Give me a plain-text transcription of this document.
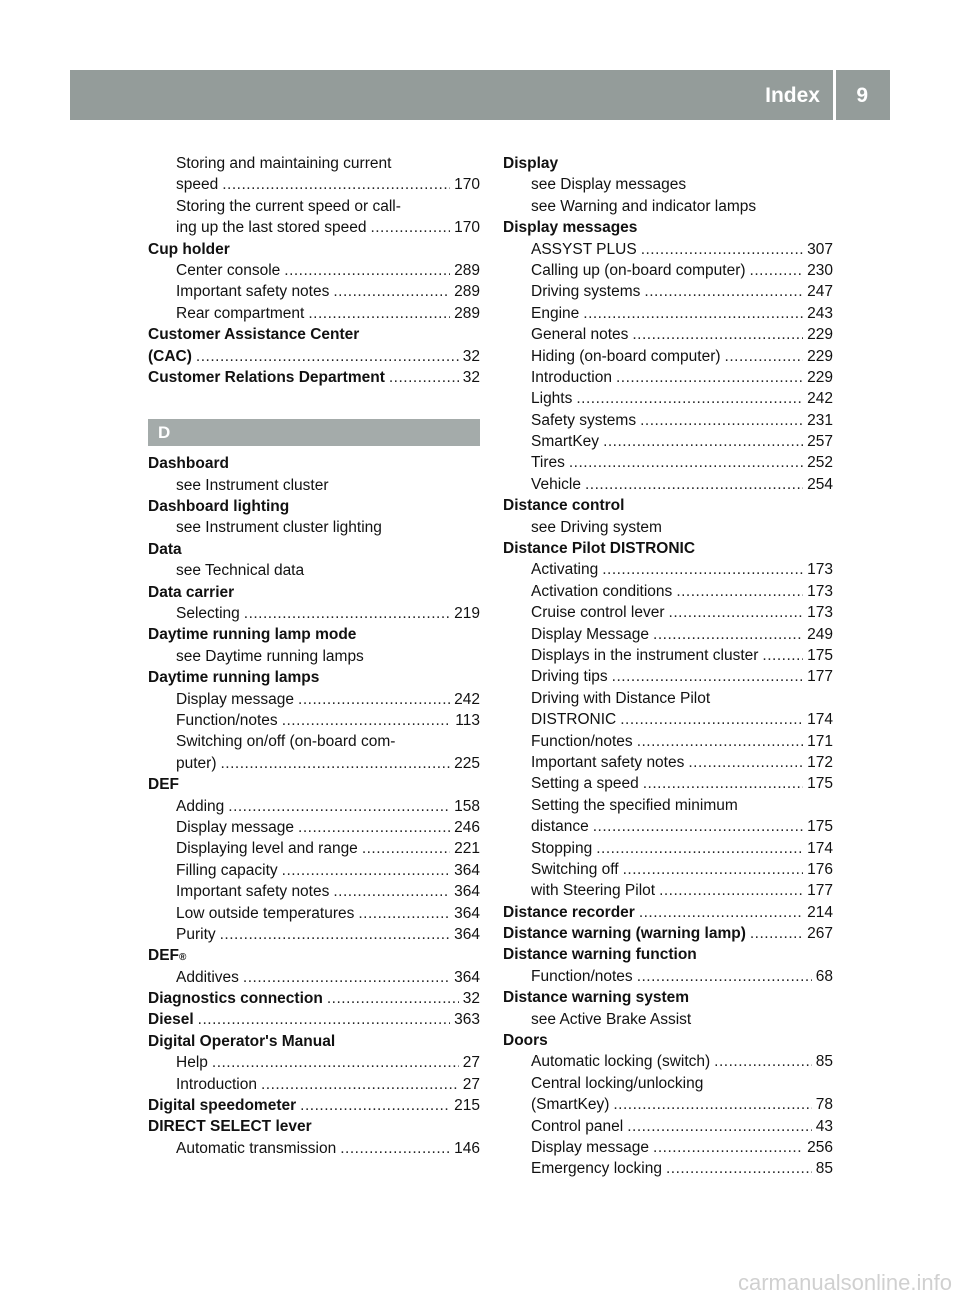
Index 9
Storing and maintaining current
speed .....	170
Storing the current speed or call-
ing up the last stored speed .....	170
Cup holder
Center console .....	289
Important safety notes .....	289
Rear compartment .....	289
Customer Assistance Center
(CAC) .....	32
Customer Relations Department .....	32
D
Dashboard
see Instrument cluster
Dashboard lighting
see Instrument cluster lighting
Data
see Technical data
Data carrier
Selecting .....	219
Daytime running lamp mode
see Daytime running lamps
Daytime running lamps
Display message .....	242
Function/notes .....	113
Switching on/off (on-board com-
puter) .....	225
DEF
Adding .....	158
Display message .....	246
Displaying level and range .....	221
Filling capacity .....	364
Important safety notes .....	364
Low outside temperatures .....	364
Purity .....	364
DEF ®
Additives .....	364
Diagnostics connection .....	32
Diesel .....	363
Digital Operator's Manual
Help .....	27
Introduction .....	27
Digital speedometer .....	215
DIRECT SELECT lever
Automatic transmission .....	146
Display
see Display messages
see Warning and indicator lamps
Display messages
ASSYST PLUS .....	307
Calling up (on-board computer) .....	230
Driving systems .....	247
Engine .....	243
General notes .....	229
Hiding (on-board computer) .....	229
Introduction .....	229
Lights .....	242
Safety systems .....	231
SmartKey .....	257
Tires .....	252
Vehicle .....	254
Distance control
see Driving system
Distance Pilot DISTRONIC
Activating .....	173
Activation conditions .....	173
Cruise control lever .....	173
Display Message .....	249
Displays in the instrument cluster .....	175
Driving tips .....	177
Driving with Distance Pilot
DISTRONIC .....	174
Function/notes .....	171
Important safety notes .....	172
Setting a speed .....	175
Setting the specified minimum
distance .....	175
Stopping .....	174
Switching off .....	176
with Steering Pilot .....	177
Distance recorder .....	214
Distance warning (warning lamp) .....	267
Distance warning function
Function/notes .....	68
Distance warning system
see Active Brake Assist
Doors
Automatic locking (switch) .....	85
Central locking/unlocking
(SmartKey) .....	78
Control panel .....	43
Display message .....	256
Emergency locking .....	85
carmanualsonline.info
